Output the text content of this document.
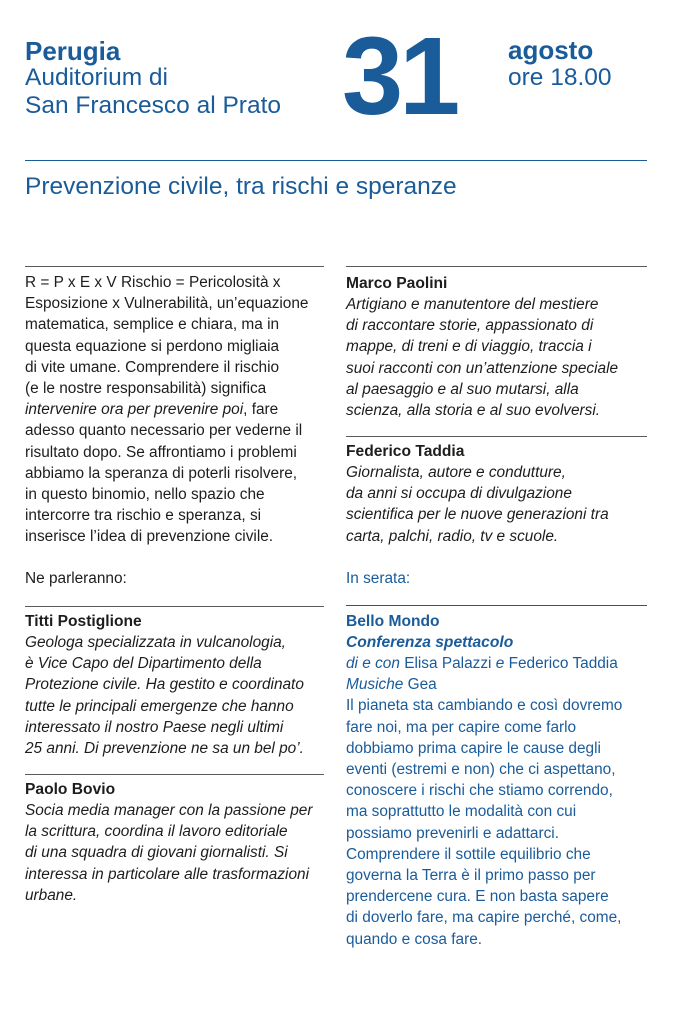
Perugia
Auditorium di
San Francesco al Prato 31 agosto
ore 18.00
Prevenzione civile, tra rischi e speranze

R = P x E x V Rischio = Pericolosità x

Esposizione x Vulnerabilità, un’equazione

matematica, semplice e chiara, ma in

questa equazione si perdono migliaia

di vite umane. Comprendere il rischio

(e le nostre responsabilità) significa

intervenire ora per prevenire poi, fare

adesso quanto necessario per vederne il

risultato dopo. Se affrontiamo i problemi

abbiamo la speranza di poterli risolvere,

in questo binomio, nello spazio che

intercorre tra rischio e speranza, si

inserisce l’idea di prevenzione civile.

Ne parleranno:

Titti Postiglione

Geologa specializzata in vulcanologia,

è Vice Capo del Dipartimento della

Protezione civile. Ha gestito e coordinato

tutte le principali emergenze che hanno

interessato il nostro Paese negli ultimi

25 anni. Di prevenzione ne sa un bel po’.

Paolo Bovio

Socia media manager con la passione per

la scrittura, coordina il lavoro editoriale

di una squadra di giovani giornalisti. Si

interessa in particolare alle trasformazioni

urbane.

Marco Paolini

Artigiano e manutentore del mestiere

di raccontare storie, appassionato di

mappe, di treni e di viaggio, traccia i

suoi racconti con un’attenzione speciale

al paesaggio e al suo mutarsi, alla

scienza, alla storia e al suo evolversi.

Federico Taddia

Giornalista, autore e condutture,

da anni si occupa di divulgazione

scientifica per le nuove generazioni tra

carta, palchi, radio, tv e scuole.

In serata:

Bello Mondo
Conferenza spettacolo

di e con Elisa Palazzi e Federico Taddia

Musiche Gea

Il pianeta sta cambiando e così dovremo

fare noi, ma per capire come farlo

dobbiamo prima capire le cause degli

eventi (estremi e non) che ci aspettano,

conoscere i rischi che stiamo correndo,

ma soprattutto le modalità con cui

possiamo prevenirli e adattarci.

Comprendere il sottile equilibrio che

governa la Terra è il primo passo per

prendercene cura. E non basta sapere

di doverlo fare, ma capire perché, come,

quando e cosa fare.
